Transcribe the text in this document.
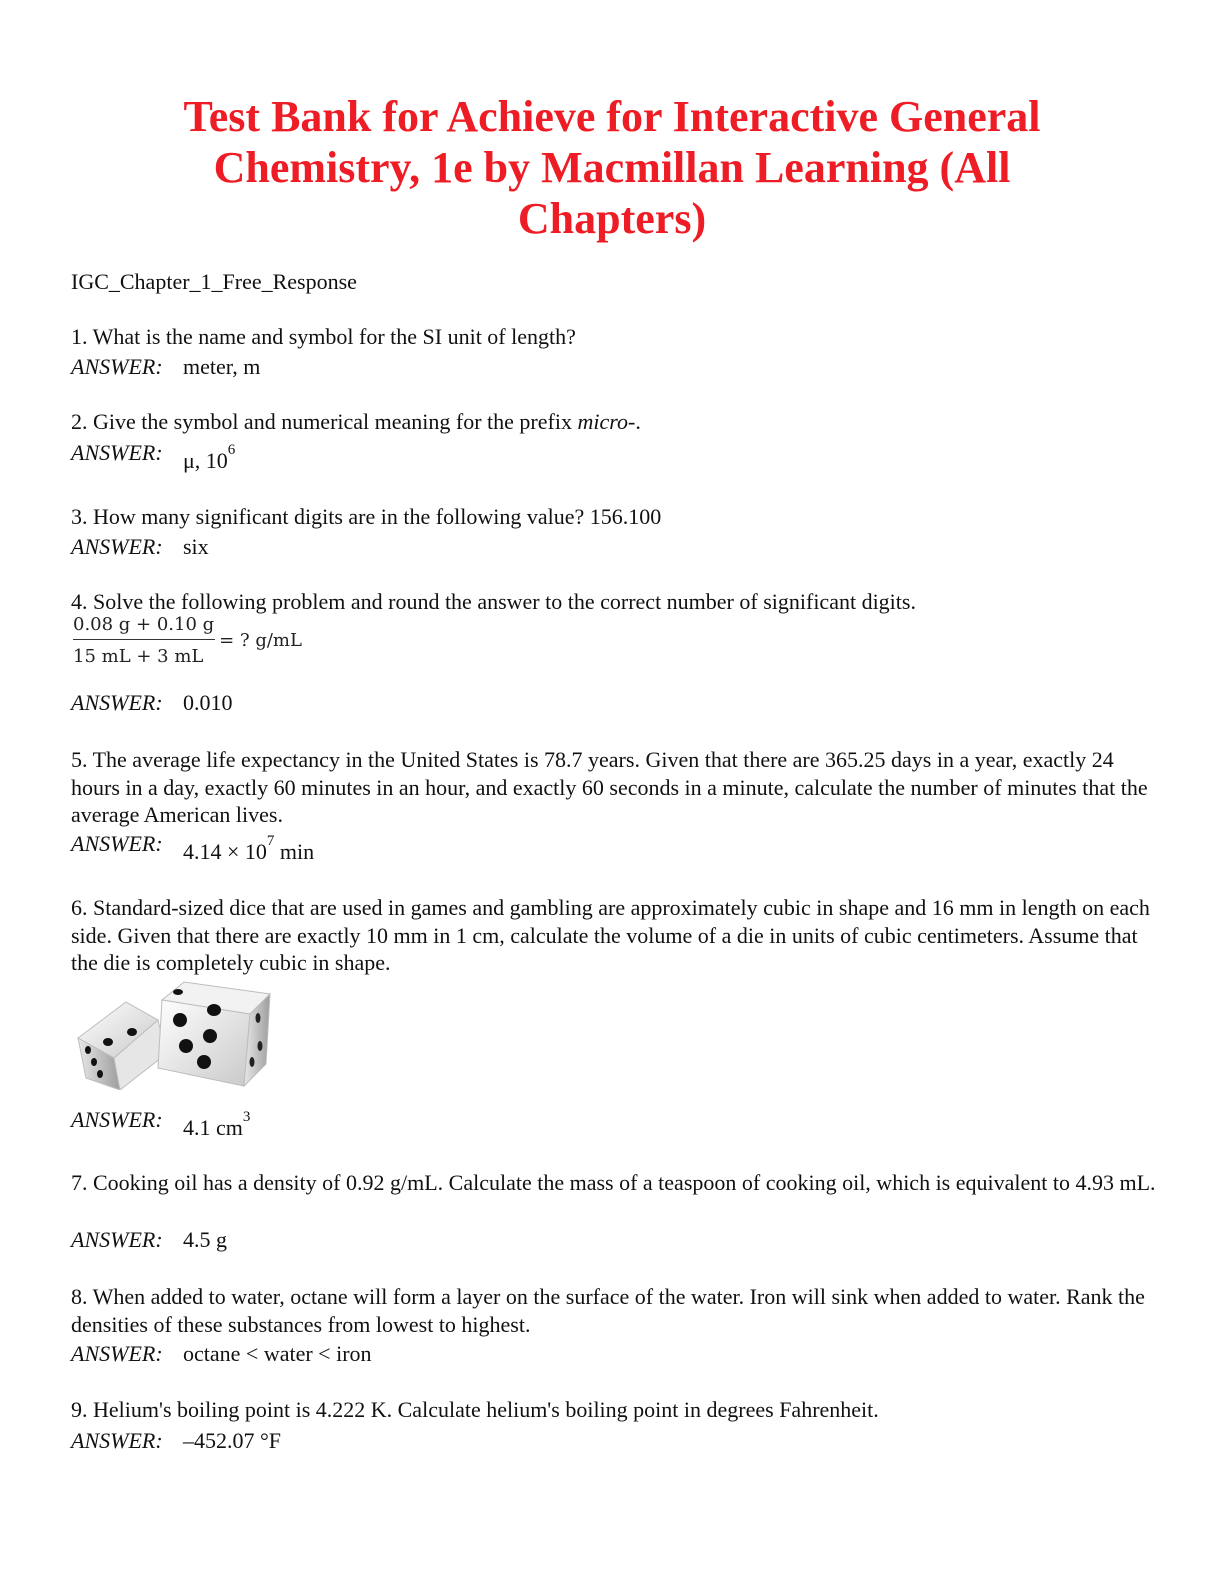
Test Bank for Achieve for Interactive General
Chemistry, 1e by Macmillan Learning (All
Chapters)
IGC_Chapter_1_Free_Response
1. What is the name and symbol for the SI unit of length?
ANSWER: meter, m
2. Give the symbol and numerical meaning for the prefix micro-.
ANSWER: μ, $10^6$
3. How many significant digits are in the following value? 156.100
ANSWER: six
4. Solve the following problem and round the answer to the correct number of significant digits.
$\frac{0.08 g + 0.10 g}{15 mL + 3 mL}$ = ? g/mL
ANSWER: 0.010
5. The average life expectancy in the United States is 78.7 years. Given that there are 365.25 days in a year, exactly 24 hours in a day, exactly 60 minutes in an hour, and exactly 60 seconds in a minute, calculate the number of minutes that the average American lives.
ANSWER: $4.14 \times 10^7$ min
6. Standard-sized dice that are used in games and gambling are approximately cubic in shape and 16 mm in length on each side. Given that there are exactly 10 mm in 1 cm, calculate the volume of a die in units of cubic centimeters. Assume that the die is completely cubic in shape.
ANSWER: 4.1 $cm^3$
7. Cooking oil has a density of 0.92 g/mL. Calculate the mass of a teaspoon of cooking oil, which is equivalent to 4.93 mL.
ANSWER: 4.5 g
8. When added to water, octane will form a layer on the surface of the water. Iron will sink when added to water. Rank the densities of these substances from lowest to highest.
ANSWER: octane < water < iron
9. Helium's boiling point is 4.222 K. Calculate helium's boiling point in degrees Fahrenheit.
ANSWER: –452.07 °F
